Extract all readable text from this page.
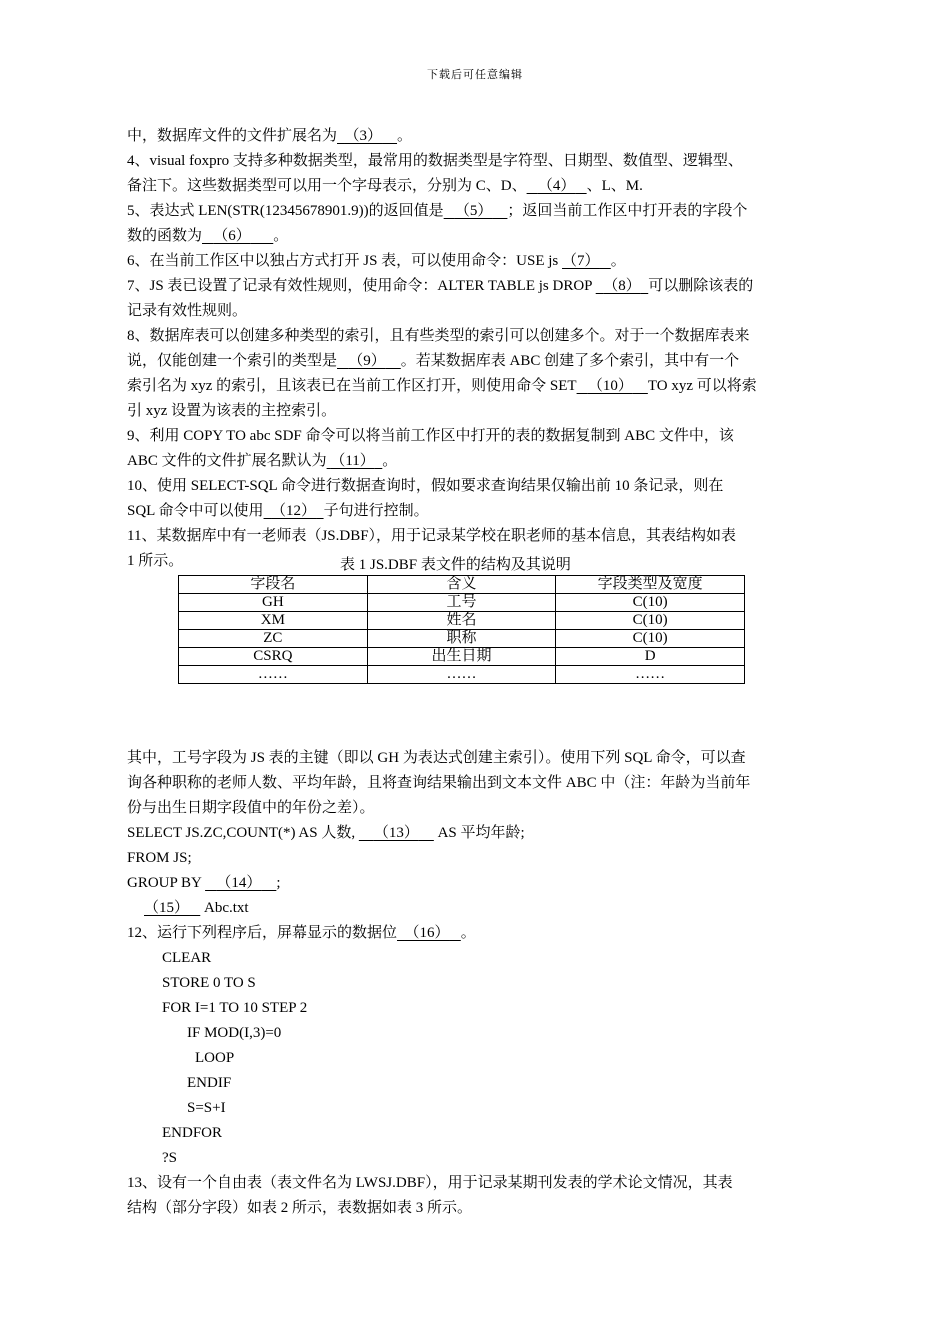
下载后可任意编辑
中，数据库文件的文件扩展名为 （3） 。
4、visual foxpro 支持多种数据类型，最常用的数据类型是字符型、日期型、数值型、逻辑型、
备注下。这些数据类型可以用一个字母表示，分别为 C、D、 （4） 、L、M.
5、表达式 LEN(STR(12345678901.9))的返回值是 （5） ；返回当前工作区中打开表的字段个
数的函数为 （6） 。
6、在当前工作区中以独占方式打开 JS 表，可以使用命令：USE js （7） 。
7、JS 表已设置了记录有效性规则，使用命令：ALTER TABLE js DROP   （8） 可以删除该表的
记录有效性规则。
8、数据库表可以创建多种类型的索引，且有些类型的索引可以创建多个。对于一个数据库表来
说，仅能创建一个索引的类型是 （9） 。若某数据库表 ABC 创建了多个索引，其中有一个
索引名为 xyz 的索引，且该表已在当前工作区打开，则使用命令 SET （10） TO xyz 可以将索
引 xyz 设置为该表的主控索引。
9、利用 COPY TO abc SDF 命令可以将当前工作区中打开的表的数据复制到 ABC 文件中，该
ABC 文件的文件扩展名默认为 （11） 。
10、使用 SELECT-SQL 命令进行数据查询时，假如要求查询结果仅输出前 10 条记录，则在
SQL 命令中可以使用 （12） 子句进行控制。
11、某数据库中有一老师表（JS.DBF），用于记录某学校在职老师的基本信息，其表结构如表
1 所示。	表 1 JS.DBF 表文件的结构及其说明
字段名	含义	字段类型及宽度
GH	工号	C(10)
XM	姓名	C(10)
ZC	职称	C(10)
CSRQ	出生日期	D
……	……	……
其中，工号字段为 JS 表的主键（即以 GH 为表达式创建主索引）。使用下列 SQL 命令，可以查
询各种职称的老师人数、平均年龄，且将查询结果输出到文本文件 ABC 中（注：年龄为当前年
份与出生日期字段值中的年份之差）。
SELECT JS.ZC,COUNT(*) AS 人数,     （13）     AS 平均年龄;
FROM JS;
GROUP BY    （14） ;
（15）    Abc.txt
12、运行下列程序后，屏幕显示的数据位 （16） 。
CLEAR
STORE 0 TO S
FOR I=1 TO 10 STEP 2
IF MOD(I,3)=0
LOOP
ENDIF
S=S+I
ENDFOR
?S
13、设有一个自由表（表文件名为 LWSJ.DBF），用于记录某期刊发表的学术论文情况，其表
结构（部分字段）如表 2 所示，表数据如表 3 所示。
